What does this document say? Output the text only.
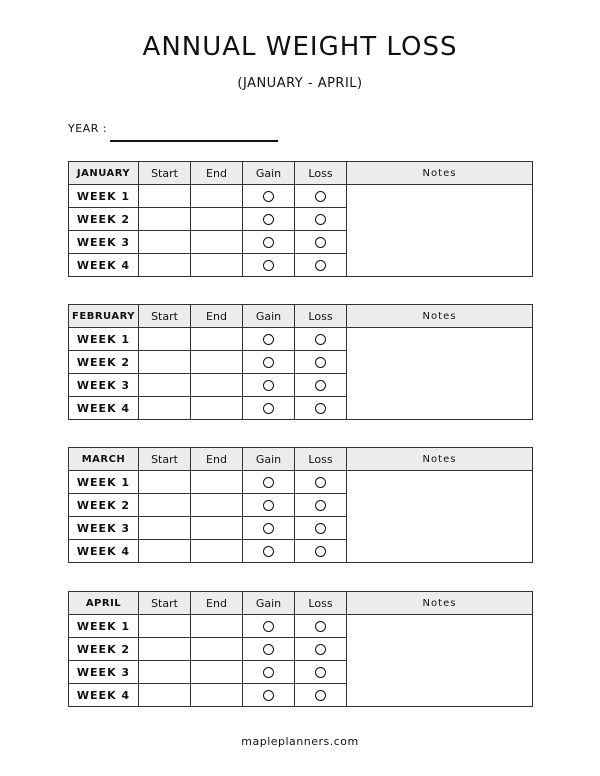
ANNUAL WEIGHT LOSS
(JANUARY - APRIL)
YEAR :
JANUARY	Start	End	Gain	Loss	Notes
WEEK 1					
WEEK 2					
WEEK 3					
WEEK 4					
FEBRUARY	Start	End	Gain	Loss	Notes
WEEK 1					
WEEK 2					
WEEK 3					
WEEK 4					
MARCH	Start	End	Gain	Loss	Notes
WEEK 1					
WEEK 2					
WEEK 3					
WEEK 4					
APRIL	Start	End	Gain	Loss	Notes
WEEK 1					
WEEK 2					
WEEK 3					
WEEK 4					
mapleplanners.com
